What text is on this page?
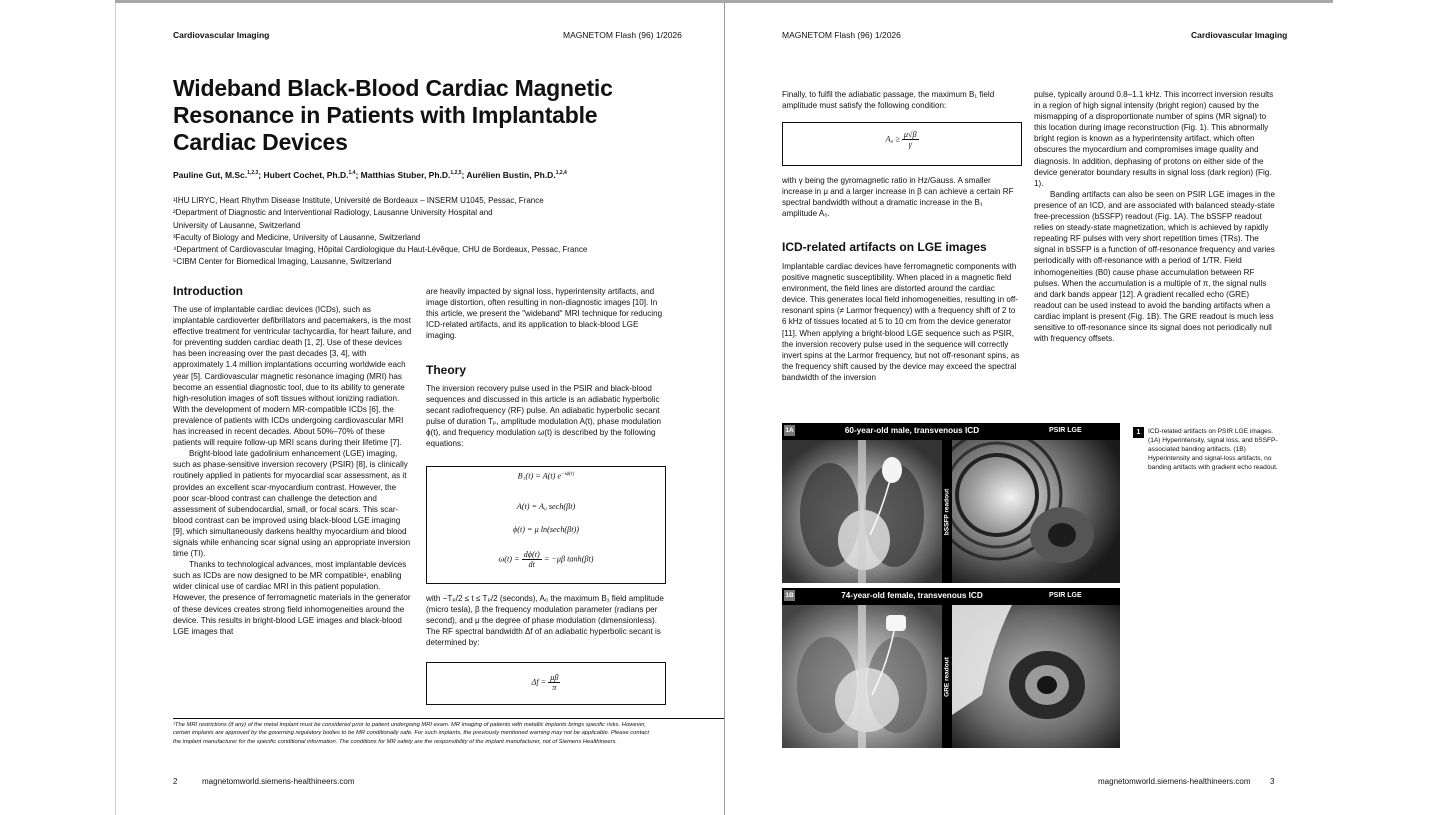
Cardiovascular Imaging	MAGNETOM Flash (96) 1/2026
Wideband Black-Blood Cardiac Magnetic Resonance in Patients with Implantable Cardiac Devices
Pauline Gut, M.Sc.$^{1,2,3}$; Hubert Cochet, Ph.D.$^{1,4}$; Matthias Stuber, Ph.D.$^{1,2,5}$; Aurélien Bustin, Ph.D.$^{1,2,4}$
¹IHU LIRYC, Heart Rhythm Disease Institute, Université de Bordeaux – INSERM U1045, Pessac, France
²Department of Diagnostic and Interventional Radiology, Lausanne University Hospital and
University of Lausanne, Switzerland
³Faculty of Biology and Medicine, University of Lausanne, Switzerland
⁴Department of Cardiovascular Imaging, Hôpital Cardiologique du Haut-Lévêque, CHU de Bordeaux, Pessac, France
⁵CIBM Center for Biomedical Imaging, Lausanne, Switzerland
Introduction

The use of implantable cardiac devices (ICDs), such as implantable cardioverter defibrillators and pacemakers, is the most effective treatment for ventricular tachycardia, for heart failure, and for preventing sudden cardiac death [1, 2]. Use of these devices has been increasing over the past decades [3, 4], with approximately 1.4 million implantations occurring worldwide each year [5]. Cardiovascular magnetic resonance imaging (MRI) has become an essential diagnostic tool, due to its ability to generate high-resolution images of soft tissues without ionizing radiation. With the development of modern MR-compatible ICDs [6], the prevalence of patients with ICDs undergoing cardiovascular MRI has increased in recent decades. About 50%–70% of these patients will require follow-up MRI scans during their lifetime [7].

Bright-blood late gadolinium enhancement (LGE) imaging, such as phase-sensitive inversion recovery (PSIR) [8], is clinically routinely applied in patients for myocardial scar assessment, as it provides an excellent scar-myocardium contrast. However, the poor scar-blood contrast can challenge the detection and assessment of subendocardial, small, or focal scars. This scar-blood contrast can be improved using black-blood LGE imaging [9], which simultaneously darkens healthy myocardium and blood signals while enhancing scar signal using an appropriate inversion time (TI).

Thanks to technological advances, most implantable devices such as ICDs are now designed to be MR compatible¹, enabling wider clinical use of cardiac MRI in this patient population. However, the presence of ferromagnetic materials in the generator of these devices creates strong field inhomogeneities around the device. This results in bright-blood LGE images and black-blood LGE images that

are heavily impacted by signal loss, hyperintensity artifacts, and image distortion, often resulting in non-diagnostic images [10]. In this article, we present the "wideband" MRI technique for reducing ICD-related artifacts, and its application to black-blood LGE imaging.

Theory

The inversion recovery pulse used in the PSIR and black-blood sequences and discussed in this article is an adiabatic hyperbolic secant radiofrequency (RF) pulse. An adiabatic hyperbolic secant pulse of duration Tₚ, amplitude modulation A(t), phase modulation ϕ(t), and frequency modulation ω(t) is described by the following equations:

B₁(t) = A(t) $e^{-i\phi(t)}$
A(t) = A₀ sech(βt)
ϕ(t) = μ ln(sech(βt))
$\omega(t) = \frac{d\phi(t)}{dt} = -\mu\beta$ tanh(βt)

with −Tₚ/2 ≤ t ≤ Tₚ/2 (seconds), A₀ the maximum B₁ field amplitude (micro tesla), β the frequency modulation parameter (radians per second), and μ the degree of phase modulation (dimensionless). The RF spectral bandwidth Δf of an adiabatic hyperbolic secant is determined by:

$\Delta f = \frac{\mu\beta}{\pi}$
¹The MRI restrictions (if any) of the metal implant must be considered prior to patient undergoing MRI exam. MR imaging of patients with metallic implants brings specific risks. However, certain implants are approved by the governing regulatory bodies to be MR conditionally safe. For such implants, the previously mentioned warning may not be applicable. Please contact the implant manufacturer for the specific conditional information. The conditions for MR safety are the responsibility of the implant manufacturer, not of Siemens Healthineers.
2	magnetomworld.siemens-healthineers.com
MAGNETOM Flash (96) 1/2026	Cardiovascular Imaging

Finally, to fulfil the adiabatic passage, the maximum B₁ field amplitude must satisfy the following condition:

$A_0 \ge \frac{\mu√\beta}{\gamma}$

with γ being the gyromagnetic ratio in Hz/Gauss. A smaller increase in μ and a larger increase in β can achieve a certain RF spectral bandwidth without a dramatic increase in the B₁ amplitude A₀.

ICD-related artifacts on LGE images

Implantable cardiac devices have ferromagnetic components with positive magnetic susceptibility. When placed in a magnetic field environment, the field lines are distorted around the cardiac device. This generates local field inhomogeneities, resulting in off-resonant spins (≠ Larmor frequency) with a frequency shift of 2 to 6 kHz of tissues located at 5 to 10 cm from the device generator [11]. When applying a bright-blood LGE sequence such as PSIR, the inversion recovery pulse used in the sequence will correctly invert spins at the Larmor frequency, but not off-resonant spins, as the frequency shift caused by the device may exceed the spectral bandwidth of the inversion

pulse, typically around 0.8–1.1 kHz. This incorrect inversion results in a region of high signal intensity (bright region) caused by the mismapping of a disproportionate number of spins (MR signal) to this location during image reconstruction (Fig. 1). This abnormally bright region is known as a hyperintensity artifact, which often obscures the myocardium and compromises image quality and diagnosis. In addition, dephasing of protons on either side of the device generator boundary results in signal loss (dark region) (Fig. 1).

Banding artifacts can also be seen on PSIR LGE images in the presence of an ICD, and are associated with balanced steady-state free-precession (bSSFP) readout (Fig. 1A). The bSSFP readout relies on steady-state magnetization, which is achieved by rapidly repeating RF pulses with very short repetition times (TRs). The signal in bSSFP is a function of off-resonance frequency and varies periodically with off-resonance with a period of 1/TR. Field inhomogeneities (B0) cause phase accumulation between RF pulses. When the accumulation is a multiple of π, the signal nulls and dark bands appear [12]. A gradient recalled echo (GRE) readout can be used instead to avoid the banding artifacts when a cardiac implant is present (Fig. 1B). The GRE readout is much less sensitive to off-resonance since its signal does not periodically null with frequency offsets.

1A	60-year-old male, transvenous ICD	PSIR LGE
bSSFP readout
1B	74-year-old female, transvenous ICD	PSIR LGE
GRE readout
1	ICD-related artifacts on PSIR LGE images. (1A) Hyperintensity, signal loss, and bSSFP-associated banding artifacts. (1B) Hyperintensity and signal-loss artifacts, no banding artifacts with gradient echo readout.
magnetomworld.siemens-healthineers.com 3
